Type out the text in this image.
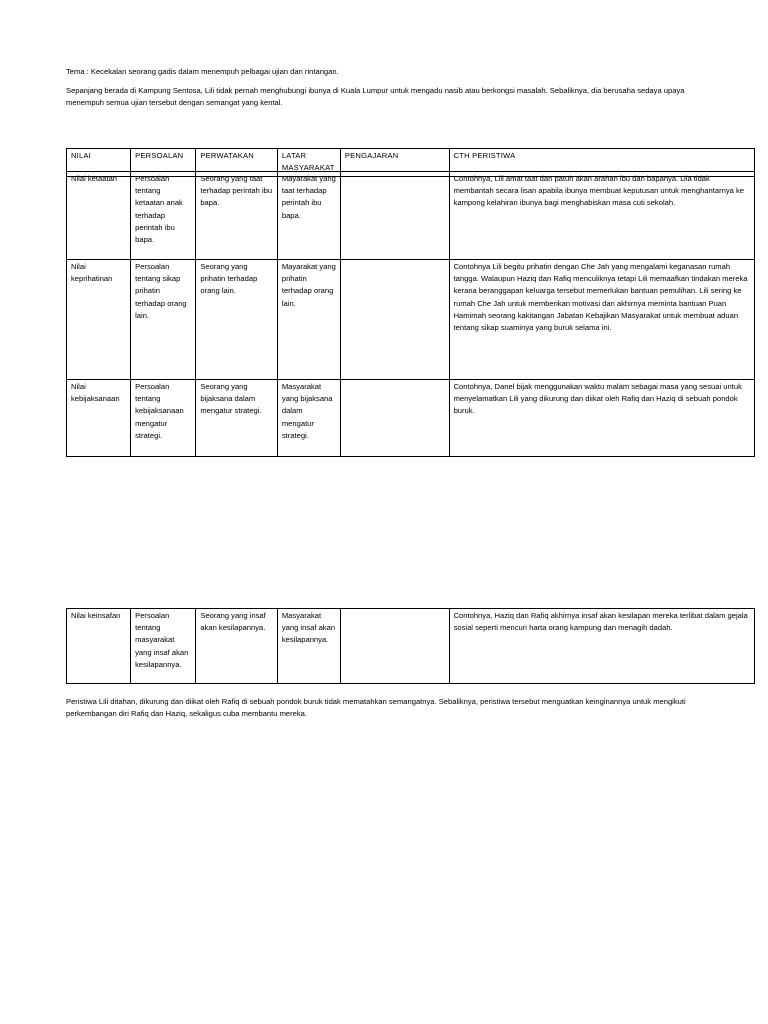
Tema : Kecekalan seorang gadis dalam menempuh pelbagai ujian dan rintangan.

Sepanjang berada di Kampung Sentosa, Lili tidak pernah menghubungi ibunya di Kuala Lumpur untuk mengadu nasib atau berkongsi masalah. Sebaliknya, dia berusaha sedaya upaya menempuh semua ujian tersebut dengan semangat yang kental.

NILAI	PERSOALAN	PERWATAKAN	LATAR MASYARAKAT	PENGAJARAN	CTH PERISTIWA
Nilai ketaatan	Persoalan tentang ketaatan anak terhadap perintah ibu bapa.	Seorang yang taat terhadap perintah ibu bapa.	Mayarakat yang taat terhadap perintah ibu bapa.		Contohnya, Lili amat taat dan patuh akan arahan ibu dan bapanya. Dia tidak membantah secara lisan apabila ibunya membuat keputusan untuk menghantarnya ke kampong kelahiran ibunya bagi menghabiskan masa cuti sekolah.
Nilai keprihatinan	Persoalan tentang sikap prihatin terhadap orang lain.	Seorang yang prihatin terhadap orang lain.	Mayarakat yang prihatin terhadap orang lain.		Contohnya Lili begitu prihatin dengan Che Jah yang mengalami keganasan rumah tangga. Walaupun Haziq dan Rafiq menculiknya tetapi Lili memaafkan tindakan mereka kerana beranggapan keluarga tersebut memerlukan bantuan pemulihan. Lili sering ke rumah Che Jah untuk memberikan motivasi dan akhirnya meminta bantuan Puan Hamimah seorang kakitangan Jabatan Kebajikan Masyarakat untuk membuat aduan tentang sikap suaminya yang buruk selama ini.
Nilai kebijaksanaan	Persoalan tentang kebijaksanaan mengatur strategi.	Seorang yang bijaksana dalam mengatur strategi.	Masyarakat yang bijaksana dalam mengatur strategi.		Contohnya, Danel bijak menggunakan waktu malam sebagai masa yang sesuai untuk menyelamatkan Lili yang dikurung dan diikat oleh Rafiq dan Haziq di sebuah pondok buruk.
Nilai keinsafan	Persoalan tentang masyarakat yang insaf akan kesilapannya.	Seorang yang insaf akan kesilapannya.	Masyarakat yang insaf akan kesilapannya.		Contohnya, Haziq dan Rafiq akhirnya insaf akan kesilapan mereka terlibat dalam gejala sosial seperti mencuri harta orang kampung dan menagih dadah.

Peristiwa Lili ditahan, dikurung dan diikat oleh Rafiq di sebuah pondok buruk tidak mematahkan semangatnya. Sebaliknya, peristiwa tersebut menguatkan keinginannya untuk mengikuti perkembangan diri Rafiq dan Haziq, sekaligus cuba membantu mereka.
